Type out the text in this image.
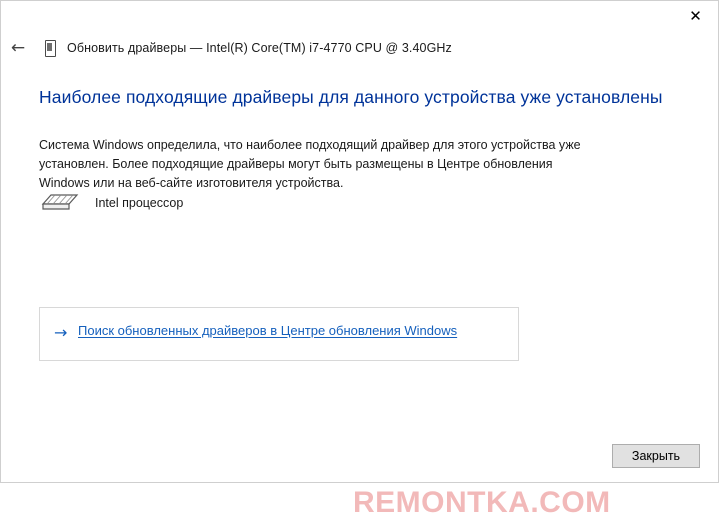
✕
←	Обновить драйверы — Intel(R) Core(TM) i7-4770 CPU @ 3.40GHz
Наиболее подходящие драйверы для данного устройства уже установлены
Система Windows определила, что наиболее подходящий драйвер для этого устройства уже установлен. Более подходящие драйверы могут быть размещены в Центре обновления Windows или на веб-сайте изготовителя устройства.
Intel процессор
→ Поиск обновленных драйверов в Центре обновления Windows
REMONTKA.COM
Закрыть
